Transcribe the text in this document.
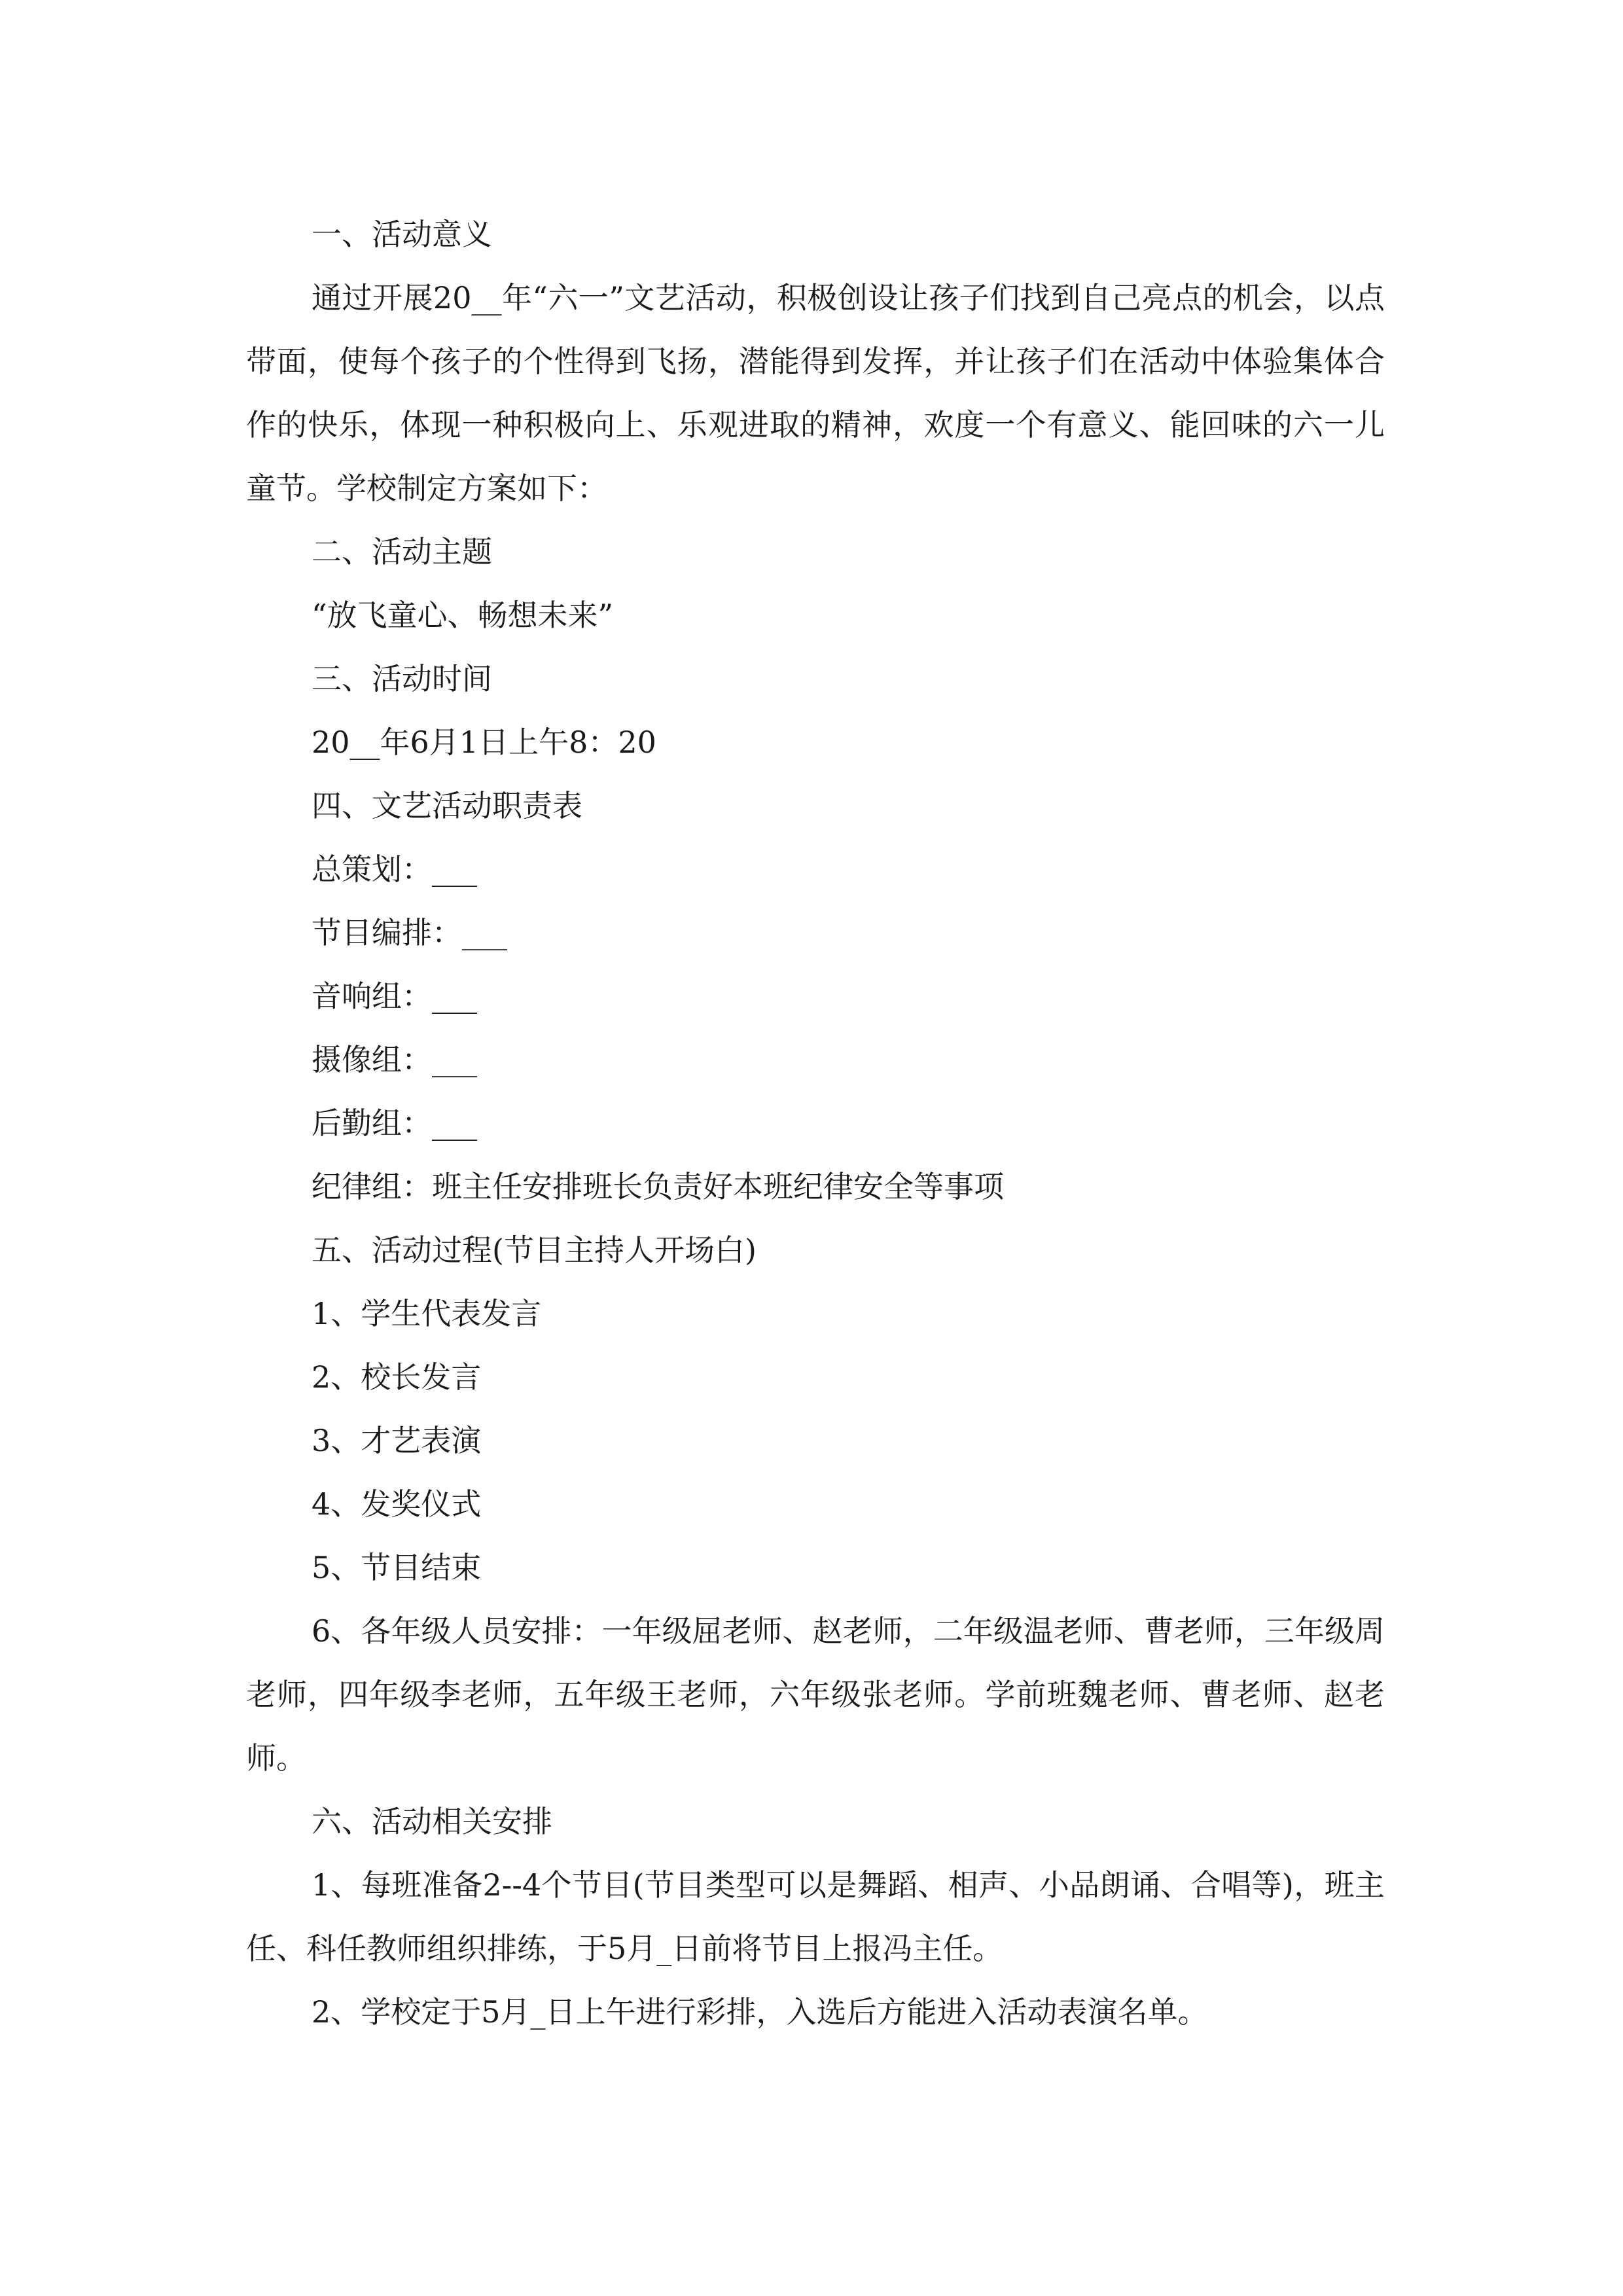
一、活动意义

通过开展20__年“六一”文艺活动，积极创设让孩子们找到自己亮点的机会，以点带面，使每个孩子的个性得到飞扬，潜能得到发挥，并让孩子们在活动中体验集体合作的快乐，体现一种积极向上、乐观进取的精神，欢度一个有意义、能回味的六一儿童节。学校制定方案如下：

二、活动主题

“放飞童心、畅想未来”

三、活动时间

20__年6月1日上午8：20

四、文艺活动职责表

总策划：___

节目编排：___

音响组：___

摄像组：___

后勤组：___

纪律组：班主任安排班长负责好本班纪律安全等事项

五、活动过程(节目主持人开场白)

1、学生代表发言

2、校长发言

3、才艺表演

4、发奖仪式

5、节目结束

6、各年级人员安排：一年级屈老师、赵老师，二年级温老师、曹老师，三年级周老师，四年级李老师，五年级王老师，六年级张老师。学前班魏老师、曹老师、赵老师。

六、活动相关安排

1、每班准备2--4个节目(节目类型可以是舞蹈、相声、小品朗诵、合唱等)，班主任、科任教师组织排练，于5月_日前将节目上报冯主任。

2、学校定于5月_日上午进行彩排，入选后方能进入活动表演名单。
